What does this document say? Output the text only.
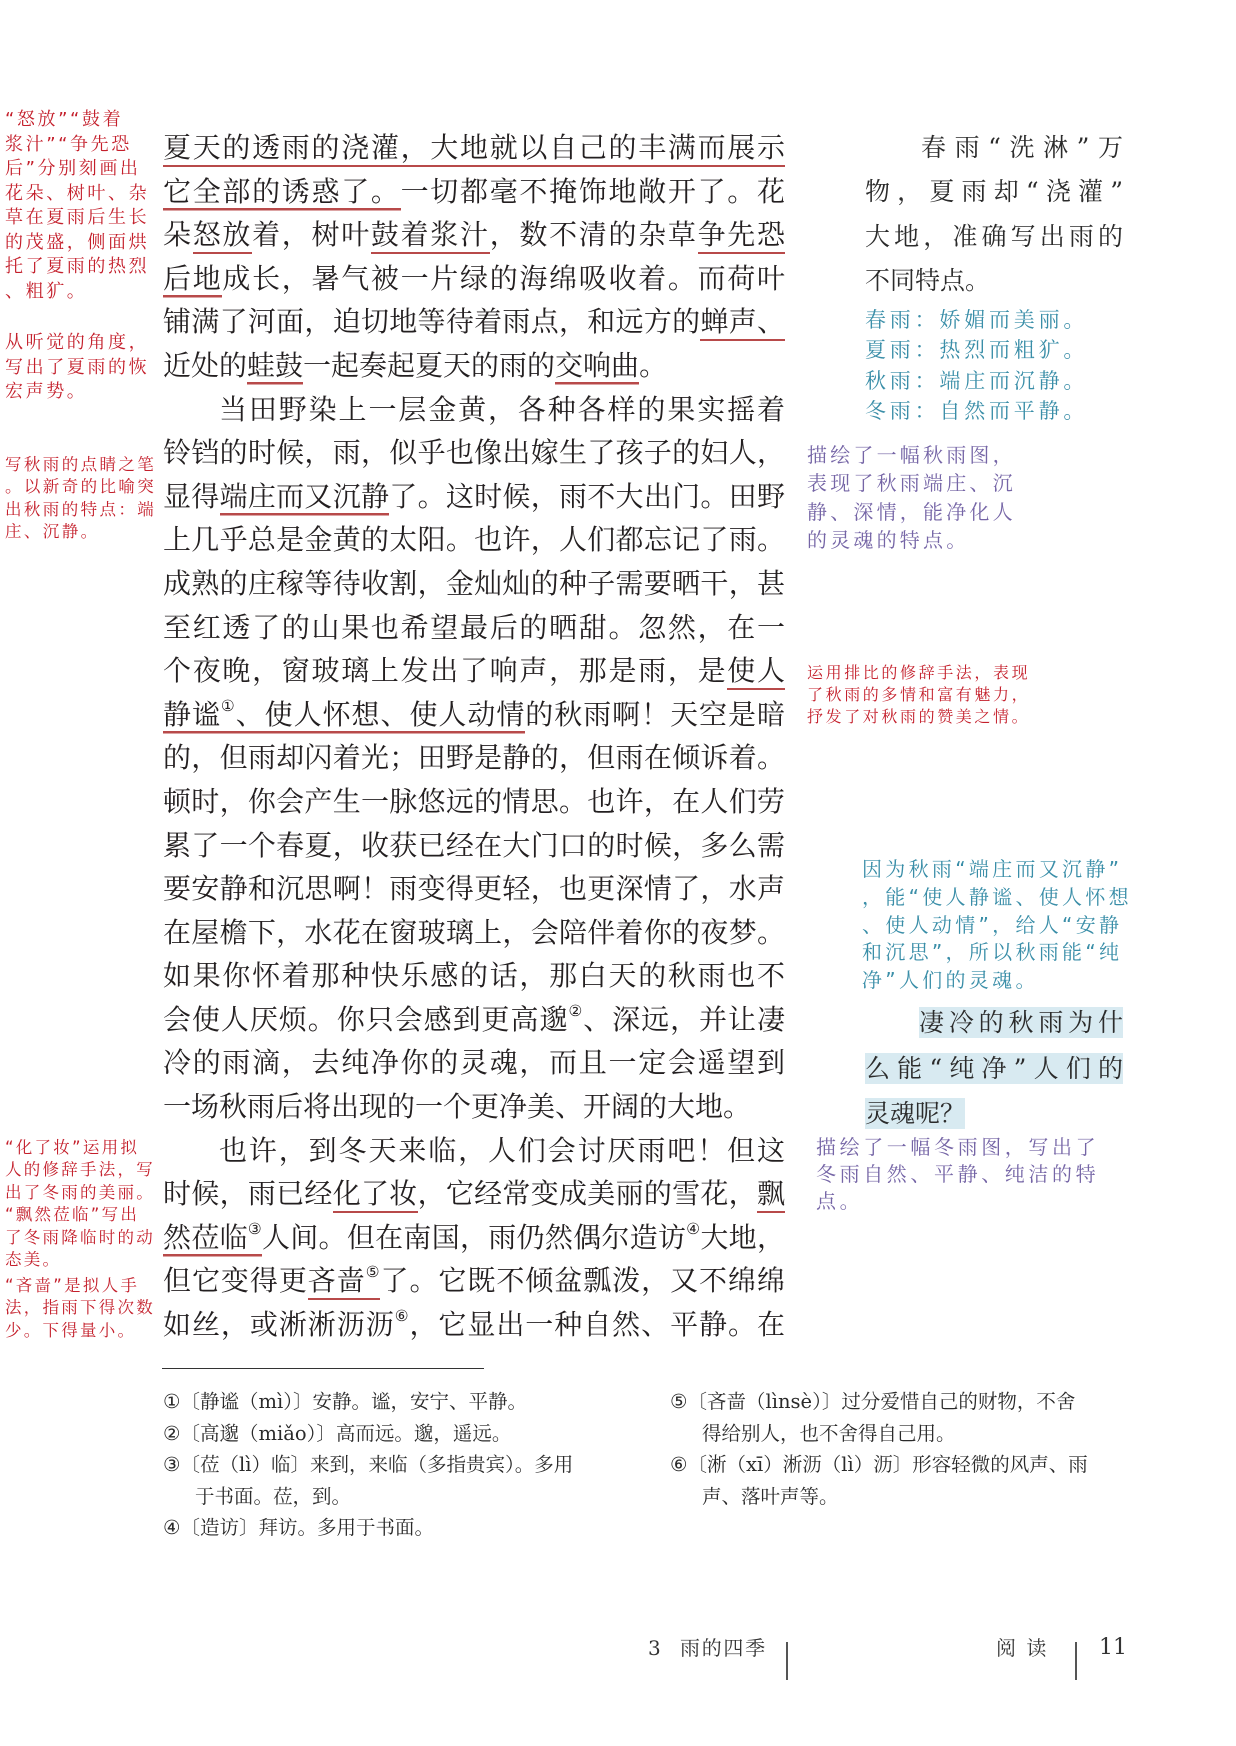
“怒放”“鼓着
浆汁”“争先恐
后”分别刻画出
花朵、树叶、杂
草在夏雨后生长
的茂盛，侧面烘
托了夏雨的热烈
、粗犷。
从听觉的角度，
写出了夏雨的恢
宏声势。
写秋雨的点睛之笔
。以新奇的比喻突
出秋雨的特点：端
庄、沉静。
“化了妆”运用拟
人的修辞手法，写
出了冬雨的美丽。
“飘然莅临”写出
了冬雨降临时的动
态美。
“吝啬”是拟人手
法，指雨下得次数
少。下得量小。
夏天的透雨的浇灌，大地就以自己的丰满而展示
它全部的诱惑了。一切都毫不掩饰地敞开了。花
朵怒放着，树叶鼓着浆汁，数不清的杂草争先恐
后地成长，暑气被一片绿的海绵吸收着。而荷叶
铺满了河面，迫切地等待着雨点，和远方的蝉声、
近处的蛙鼓一起奏起夏天的雨的交响曲。
当田野染上一层金黄，各种各样的果实摇着
铃铛的时候，雨，似乎也像出嫁生了孩子的妇人，
显得端庄而又沉静了。这时候，雨不大出门。田野
上几乎总是金黄的太阳。也许，人们都忘记了雨。
成熟的庄稼等待收割，金灿灿的种子需要晒干，甚
至红透了的山果也希望最后的晒甜。忽然，在一
个夜晚，窗玻璃上发出了响声，那是雨，是使人
静谧①、使人怀想、使人动情的秋雨啊！天空是暗
的，但雨却闪着光；田野是静的，但雨在倾诉着。
顿时，你会产生一脉悠远的情思。也许，在人们劳
累了一个春夏，收获已经在大门口的时候，多么需
要安静和沉思啊！雨变得更轻，也更深情了，水声
在屋檐下，水花在窗玻璃上，会陪伴着你的夜梦。
如果你怀着那种快乐感的话，那白天的秋雨也不
会使人厌烦。你只会感到更高邈②、深远，并让凄
冷的雨滴，去纯净你的灵魂，而且一定会遥望到
一场秋雨后将出现的一个更净美、开阔的大地。
也许，到冬天来临，人们会讨厌雨吧！但这
时候，雨已经化了妆，它经常变成美丽的雪花，飘
然莅临③人间。但在南国，雨仍然偶尔造访④大地，
但它变得更吝啬⑤了。它既不倾盆瓢泼，又不绵绵
如丝，或淅淅沥沥⑥，它显出一种自然、平静。在
春雨“洗淋”万
物，夏雨却“浇灌”
大地，准确写出雨的
不同特点。
春雨：娇媚而美丽。
夏雨：热烈而粗犷。
秋雨：端庄而沉静。
冬雨：自然而平静。
描绘了一幅秋雨图，
表现了秋雨端庄、沉
静、深情，能净化人
的灵魂的特点。
运用排比的修辞手法，表现
了秋雨的多情和富有魅力，
抒发了对秋雨的赞美之情。
因为秋雨“端庄而又沉静”
，能“使人静谧、使人怀想
、使人动情”，给人“安静
和沉思”，所以秋雨能“纯
净”人们的灵魂。
凄冷的秋雨为什
么能“纯净”人们的
灵魂呢？
描绘了一幅冬雨图，写出了
冬雨自然、平静、纯洁的特
点。
①〔静谧（mì）〕安静。谧，安宁、平静。
②〔高邈（miǎo）〕高而远。邈，遥远。
③〔莅（lì）临〕来到，来临（多指贵宾）。多用
于书面。莅，到。
④〔造访〕拜访。多用于书面。
⑤〔吝啬（lìnsè）〕过分爱惜自己的财物，不舍
得给别人，也不舍得自己用。
⑥〔淅（xī）淅沥（lì）沥〕形容轻微的风声、雨
声、落叶声等。
3 雨的四季	阅 读 11
